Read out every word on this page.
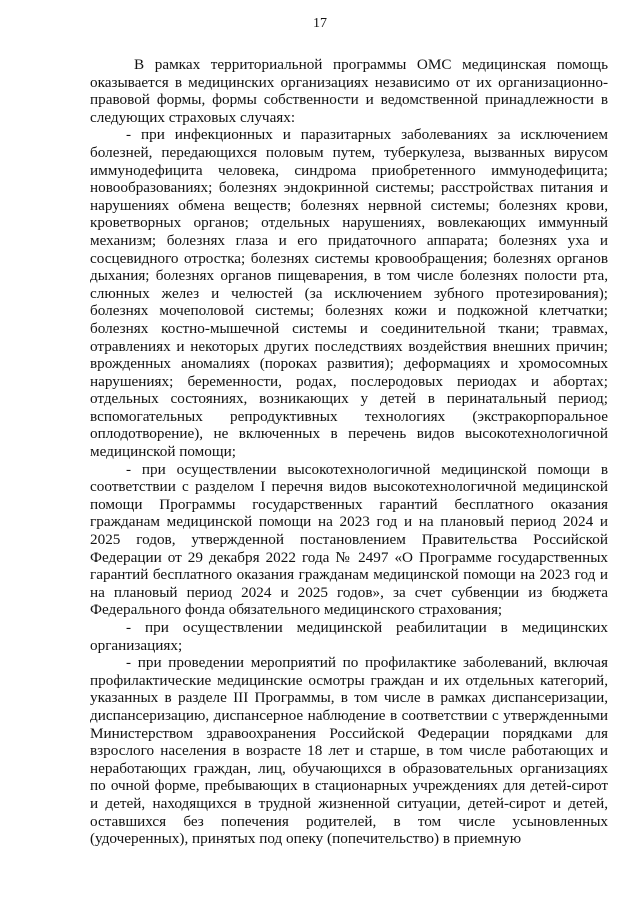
17

В рамках территориальной программы ОМС медицинская помощь оказывается в медицинских организациях независимо от их организационно-правовой формы, формы собственности и ведомственной принадлежности в следующих страховых случаях:

- при инфекционных и паразитарных заболеваниях за исключением болезней, передающихся половым путем, туберкулеза, вызванных вирусом иммунодефицита человека, синдрома приобретенного иммунодефицита; новообразованиях; болезнях эндокринной системы; расстройствах питания и нарушениях обмена веществ; болезнях нервной системы; болезнях крови, кроветворных органов; отдельных нарушениях, вовлекающих иммунный механизм; болезнях глаза и его придаточного аппарата; болезнях уха и сосцевидного отростка; болезнях системы кровообращения; болезнях органов дыхания; болезнях органов пищеварения, в том числе болезнях полости рта, слюнных желез и челюстей (за исключением зубного протезирования); болезнях мочеполовой системы; болезнях кожи и подкожной клетчатки; болезнях костно-мышечной системы и соединительной ткани; травмах, отравлениях и некоторых других последствиях воздействия внешних причин; врожденных аномалиях (пороках развития); деформациях и хромосомных нарушениях; беременности, родах, послеродовых периодах и абортах; отдельных состояниях, возникающих у детей в перинатальный период; вспомогательных репродуктивных технологиях (экстракорпоральное оплодотворение), не включенных в перечень видов высокотехнологичной медицинской помощи;

- при осуществлении высокотехнологичной медицинской помощи в соответствии с разделом I перечня видов высокотехнологичной медицинской помощи Программы государственных гарантий бесплатного оказания гражданам медицинской помощи на 2023 год и на плановый период 2024 и 2025 годов, утвержденной постановлением Правительства Российской Федерации от 29 декабря 2022 года № 2497 «О Программе государственных гарантий бесплатного оказания гражданам медицинской помощи на 2023 год и на плановый период 2024 и 2025 годов», за счет субвенции из бюджета Федерального фонда обязательного медицинского страхования;

- при осуществлении медицинской реабилитации в медицинских организациях;

- при проведении мероприятий по профилактике заболеваний, включая профилактические медицинские осмотры граждан и их отдельных категорий, указанных в разделе III Программы, в том числе в рамках диспансеризации, диспансеризацию, диспансерное наблюдение в соответствии с утвержденными Министерством здравоохранения Российской Федерации порядками для взрослого населения в возрасте 18 лет и старше, в том числе работающих и неработающих граждан, лиц, обучающихся в образовательных организациях по очной форме, пребывающих в стационарных учреждениях для детей-сирот и детей, находящихся в трудной жизненной ситуации, детей-сирот и детей, оставшихся без попечения родителей, в том числе усыновленных (удочеренных), принятых под опеку (попечительство) в приемную
